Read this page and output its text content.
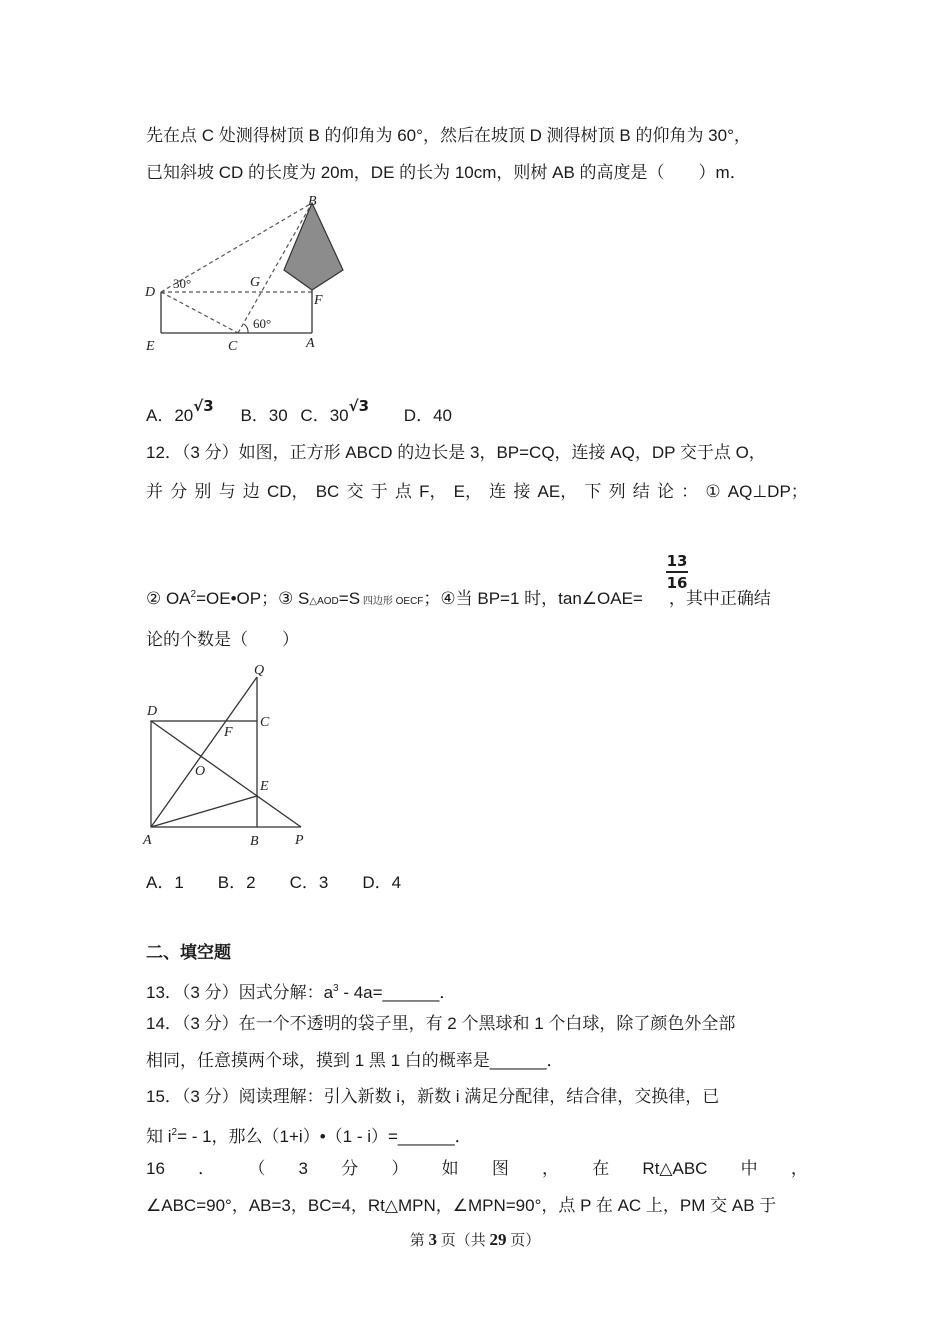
先在点 C 处测得树顶 B 的仰角为 60°，然后在坡顶 D 测得树顶 B 的仰角为 30°，
已知斜坡 CD 的长度为 20m，DE 的长为 10cm，则树 AB 的高度是（　　）m．
B
D
G
F
E	C	A
30°
60°
A．20√3 B．30 C．30√3 D．40
12．（3 分）如图，正方形 ABCD 的边长是 3，BP=CQ，连接 AQ，DP 交于点 O，
并 分 别 与 边 CD， BC 交 于 点 F， E， 连 接 AE， 下 列 结 论 ： ① AQ⊥DP；
② $OA^2=OE•OP$；③ S△AOD=S 四边形 OECF；④当 BP=1 时，tan∠OAE= ，其中正确结
13
16
论的个数是（　　）
Q
D
C
F
O
E
A	B	P
A．1　　B．2　　C．3　　D．4
二、填空题
13．（3 分）因式分解：$a^3$ - 4a=______．
14．（3 分）在一个不透明的袋子里，有 2 个黑球和 1 个白球，除了颜色外全部
相同，任意摸两个球，摸到 1 黑 1 白的概率是______．
15．（3 分）阅读理解：引入新数 i，新数 i 满足分配律，结合律，交换律，已
知 $i^2= - 1$，那么（1+i）•（1 - i）=______．
16 ． （ 3 分 ） 如 图 ， 在 Rt△ABC 中 ，
∠ABC=90°，AB=3，BC=4，Rt△MPN，∠MPN=90°，点 P 在 AC 上，PM 交 AB 于
第 3 页（共 29 页）
